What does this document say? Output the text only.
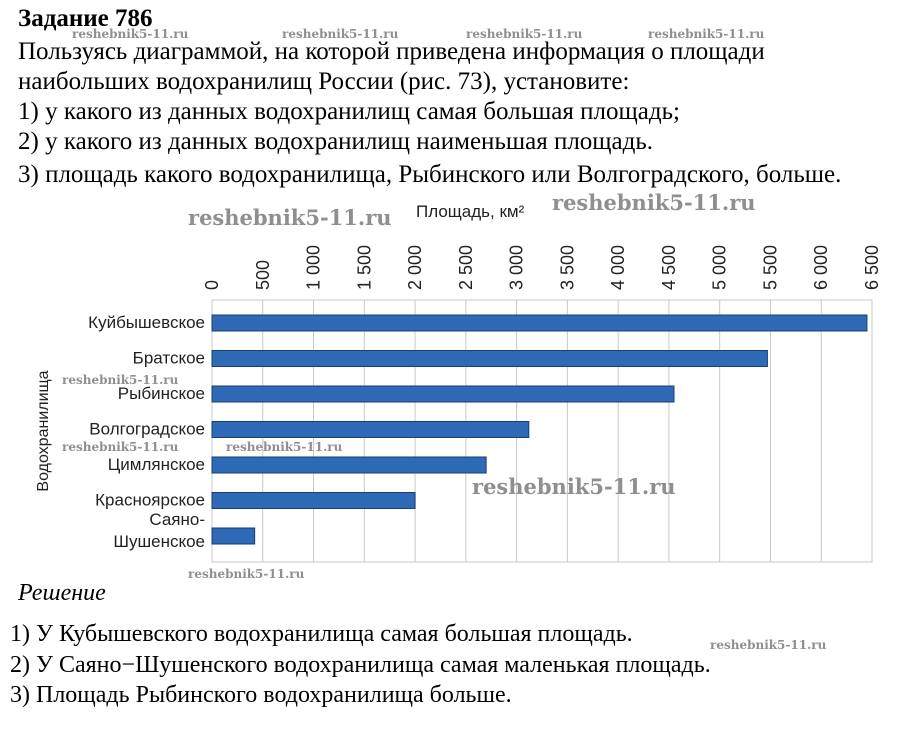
Задание 786
Пользуясь диаграммой, на которой приведена информация о площади
наибольших водохранилищ России (рис. 73), установите:
1) у какого из данных водохранилищ самая большая площадь;
2) у какого из данных водохранилищ наименьшая площадь.
3) площадь какого водохранилища, Рыбинского или Волгоградского, больше.
0 500 1 000 1 500 2 000 2 500 3 000 3 500 4 000 4 500 5 000 5 500 6 000 6 500
Куйбышевское
Братское
Рыбинское
Волгоградское
Цимлянское
Красноярское
Саяно-Шушенское
Площадь, км²
Водохранилища
Решение
1) У Кубышевского водохранилища самая большая площадь.
2) У Саяно−Шушенского водохранилища самая маленькая площадь.
3) Площадь Рыбинского водохранилища больше.
reshebnik5-11.ru	reshebnik5-11.ru	reshebnik5-11.ru	reshebnik5-11.ru
reshebnik5-11.ru
reshebnik5-11.ru
reshebnik5-11.ru
reshebnik5-11.ru	reshebnik5-11.ru
reshebnik5-11.ru
reshebnik5-11.ru
reshebnik5-11.ru
